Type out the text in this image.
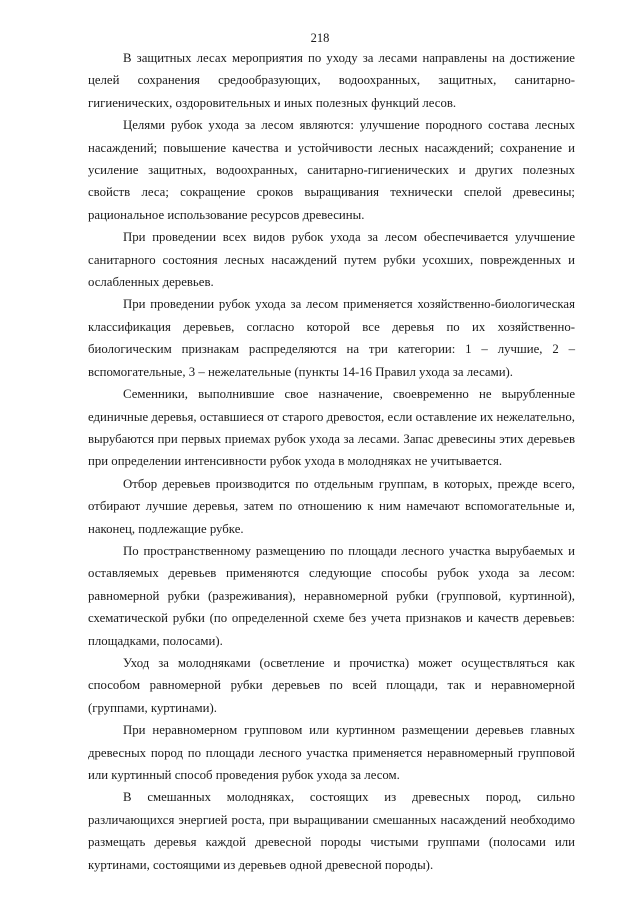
218

В защитных лесах мероприятия по уходу за лесами направлены на достижение целей сохранения средообразующих, водоохранных, защитных, санитарно-гигиенических, оздоровительных и иных полезных функций лесов.

Целями рубок ухода за лесом являются: улучшение породного состава лесных насаждений; повышение качества и устойчивости лесных насаждений; сохранение и усиление защитных, водоохранных, санитарно-гигиенических и других полезных свойств леса; сокращение сроков выращивания технически спелой древесины; рациональное использование ресурсов древесины.

При проведении всех видов рубок ухода за лесом обеспечивается улучшение санитарного состояния лесных насаждений путем рубки усохших, поврежденных и ослабленных деревьев.

При проведении рубок ухода за лесом применяется хозяйственно-биологическая классификация деревьев, согласно которой все деревья по их хозяйственно-биологическим признакам распределяются на три категории: 1 – лучшие, 2 – вспомогательные, 3 – нежелательные (пункты 14-16 Правил ухода за лесами).

Семенники, выполнившие свое назначение, своевременно не вырубленные единичные деревья, оставшиеся от старого древостоя, если оставление их нежелательно, вырубаются при первых приемах рубок ухода за лесами. Запас древесины этих деревьев при определении интенсивности рубок ухода в молодняках не учитывается.

Отбор деревьев производится по отдельным группам, в которых, прежде всего, отбирают лучшие деревья, затем по отношению к ним намечают вспомогательные и, наконец, подлежащие рубке.

По пространственному размещению по площади лесного участка вырубаемых и оставляемых деревьев применяются следующие способы рубок ухода за лесом: равномерной рубки (разреживания), неравномерной рубки (групповой, куртинной), схематической рубки (по определенной схеме без учета признаков и качеств деревьев: площадками, полосами).

Уход за молодняками (осветление и прочистка) может осуществляться как способом равномерной рубки деревьев по всей площади, так и неравномерной (группами, куртинами).

При неравномерном групповом или куртинном размещении деревьев главных древесных пород по площади лесного участка применяется неравномерный групповой или куртинный способ проведения рубок ухода за лесом.

В смешанных молодняках, состоящих из древесных пород, сильно различающихся энергией роста, при выращивании смешанных насаждений необходимо размещать деревья каждой древесной породы чистыми группами (полосами или куртинами, состоящими из деревьев одной древесной породы).
